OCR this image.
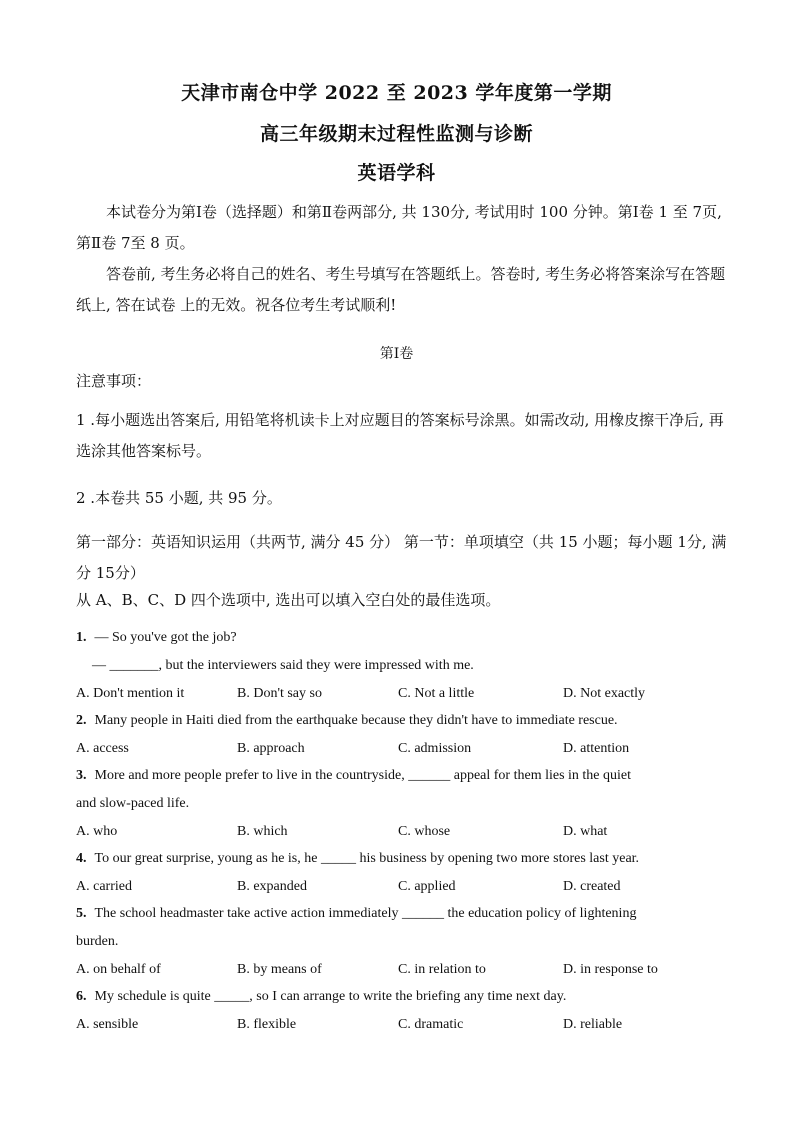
天津市南仓中学 2022 至 2023 学年度第一学期
高三年级期末过程性监测与诊断
英语学科
本试卷分为第Ⅰ卷（选择题）和第Ⅱ卷两部分, 共 130分, 考试用时 100 分钟。第Ⅰ卷 1 至 7页, 第Ⅱ卷 7至 8 页。
答卷前, 考生务必将自己的姓名、考生号填写在答题纸上。答卷时, 考生务必将答案涂写在答题纸上, 答在试卷 上的无效。祝各位考生考试顺利!
第Ⅰ卷
注意事项：
1 .每小题选出答案后, 用铅笔将机读卡上对应题目的答案标号涂黑。如需改动, 用橡皮擦干净后, 再选涂其他答案标号。
2 .本卷共 55 小题, 共 95 分。
第一部分：英语知识运用（共两节, 满分 45 分） 第一节：单项填空（共 15 小题；每小题 1分, 满分 15分）
从 A、B、C、D 四个选项中, 选出可以填入空白处的最佳选项。
1. — So you've got the job?
— _______, but the interviewers said they were impressed with me.
A. Don't mention it	B. Don't say so	C. Not a little	D. Not exactly
2. Many people in Haiti died from the earthquake because they didn't have to immediate rescue.
A. access	B. approach	C. admission	D. attention
3. More and more people prefer to live in the countryside, ______ appeal for them lies in the quiet
and slow-paced life.
A. who	B. which	C. whose	D. what
4. To our great surprise, young as he is, he _____ his business by opening two more stores last year.
A. carried	B. expanded	C. applied	D. created
5. The school headmaster take active action immediately ______ the education policy of lightening
burden.
A. on behalf of	B. by means of	C. in relation to	D. in response to
6. My schedule is quite _____, so I can arrange to write the briefing any time next day.
A. sensible	B. flexible	C. dramatic	D. reliable
